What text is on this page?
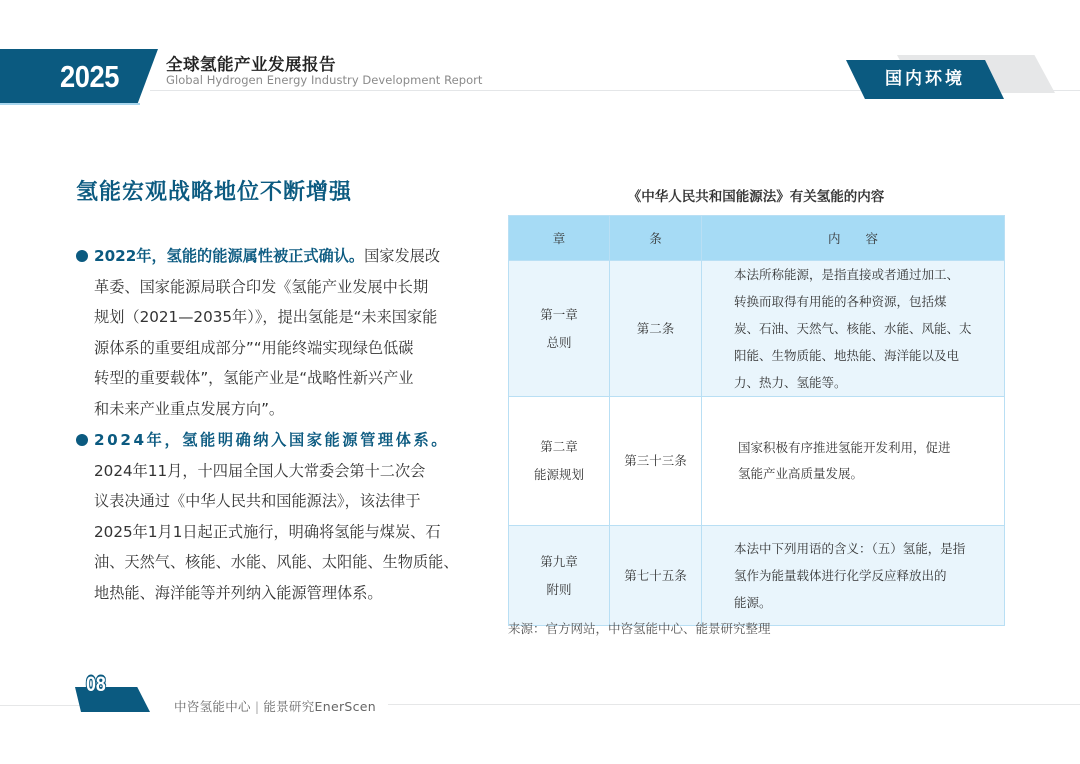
2025	全球氢能产业发展报告
Global Hydrogen Energy Industry Development Report	国内环境
氢能宏观战略地位不断增强
2022年，氢能的能源属性被正式确认。国家发展改
革委、国家能源局联合印发《氢能产业发展中长期
规划（2021—2035年）》，提出氢能是“未来国家能
源体系的重要组成部分”“用能终端实现绿色低碳
转型的重要载体”，氢能产业是“战略性新兴产业
和未来产业重点发展方向”。
2024年，氢能明确纳入国家能源管理体系。
2024年11月，十四届全国人大常委会第十二次会
议表决通过《中华人民共和国能源法》，该法律于
2025年1月1日起正式施行，明确将氢能与煤炭、石
油、天然气、核能、水能、风能、太阳能、生物质能、
地热能、海洋能等并列纳入能源管理体系。
《中华人民共和国能源法》有关氢能的内容
章	条	内　　容

第一章
总则	第二条	本法所称能源，是指直接或者通过加工、
转换而取得有用能的各种资源，包括煤
炭、石油、天然气、核能、水能、风能、太
阳能、生物质能、地热能、海洋能以及电
力、热力、氢能等。

第二章
能源规划	第三十三条	国家积极有序推进氢能开发利用，促进
氢能产业高质量发展。

第九章
附则	第七十五条	本法中下列用语的含义：（五）氢能，是指
氢作为能量载体进行化学反应释放出的
能源。
来源：官方网站，中咨氢能中心、能景研究整理
08
中咨氢能中心 | 能景研究EnerScen
